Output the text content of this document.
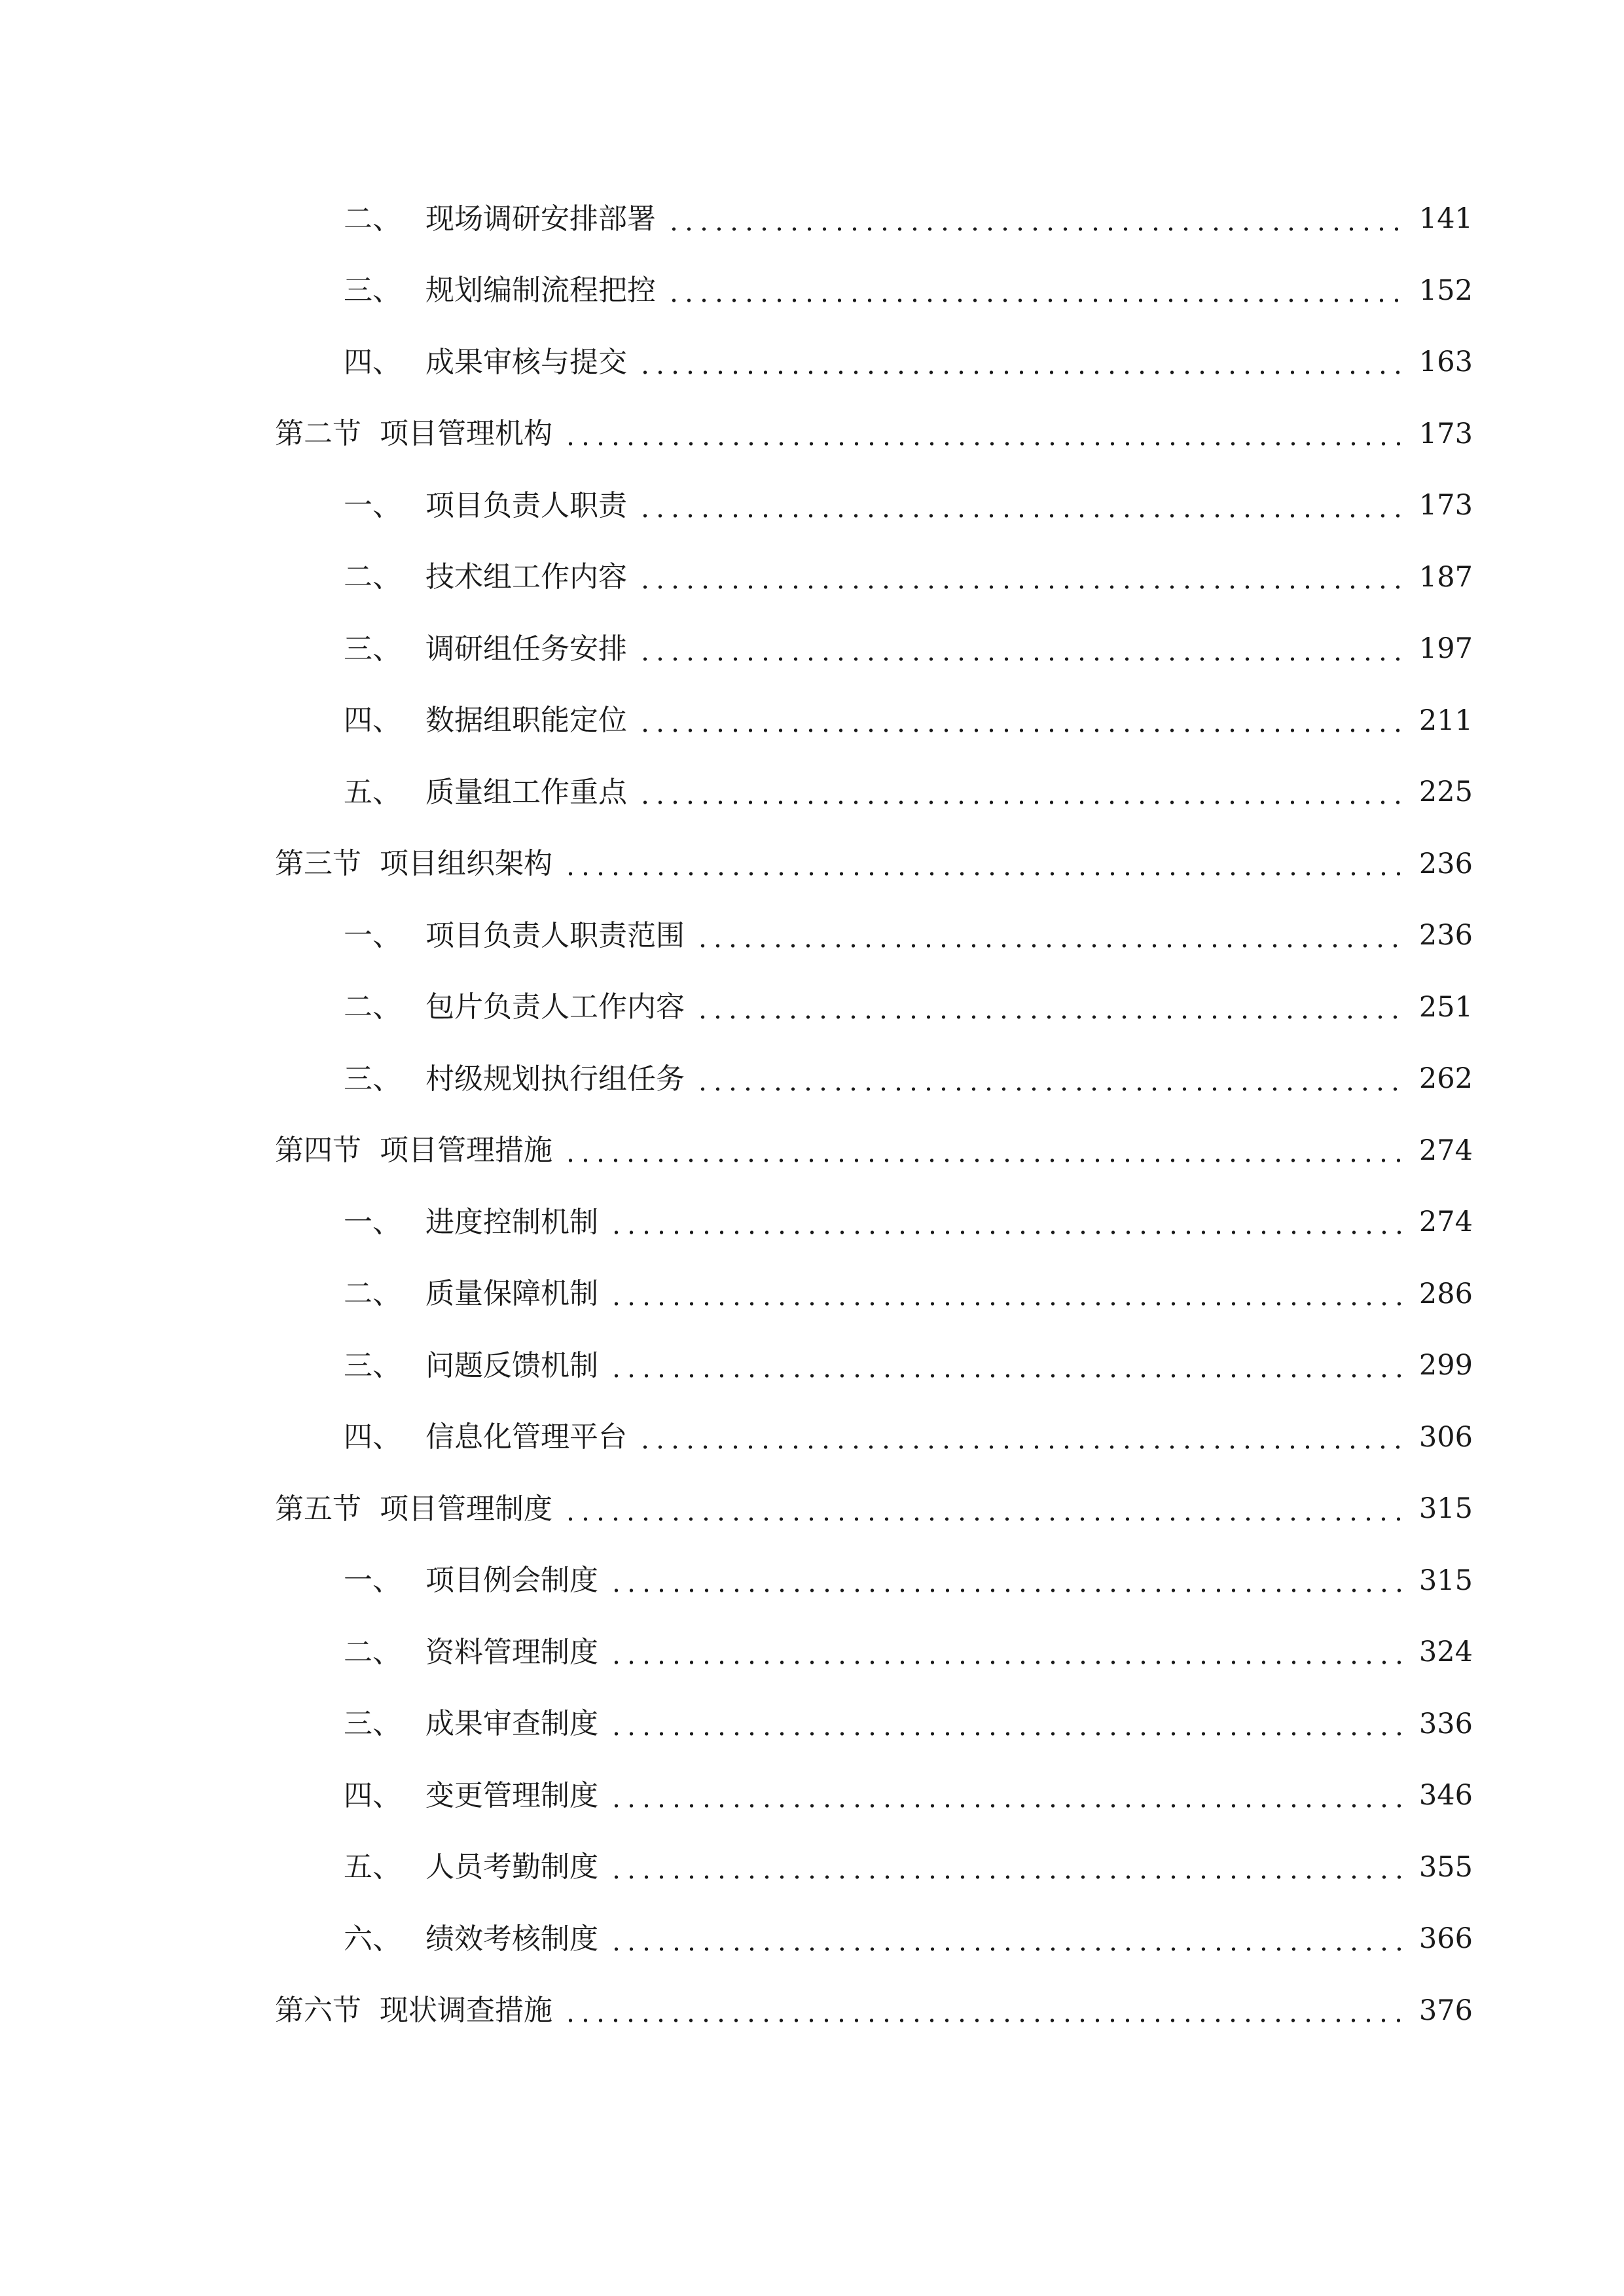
二、 现场调研安排部署	141
三、 规划编制流程把控	152
四、 成果审核与提交	163
第二节 项目管理机构	173
一、 项目负责人职责	173
二、 技术组工作内容	187
三、 调研组任务安排	197
四、 数据组职能定位	211
五、 质量组工作重点	225
第三节 项目组织架构	236
一、 项目负责人职责范围	236
二、 包片负责人工作内容	251
三、 村级规划执行组任务	262
第四节 项目管理措施	274
一、 进度控制机制	274
二、 质量保障机制	286
三、 问题反馈机制	299
四、 信息化管理平台	306
第五节 项目管理制度	315
一、 项目例会制度	315
二、 资料管理制度	324
三、 成果审查制度	336
四、 变更管理制度	346
五、 人员考勤制度	355
六、 绩效考核制度	366
第六节 现状调查措施	376
